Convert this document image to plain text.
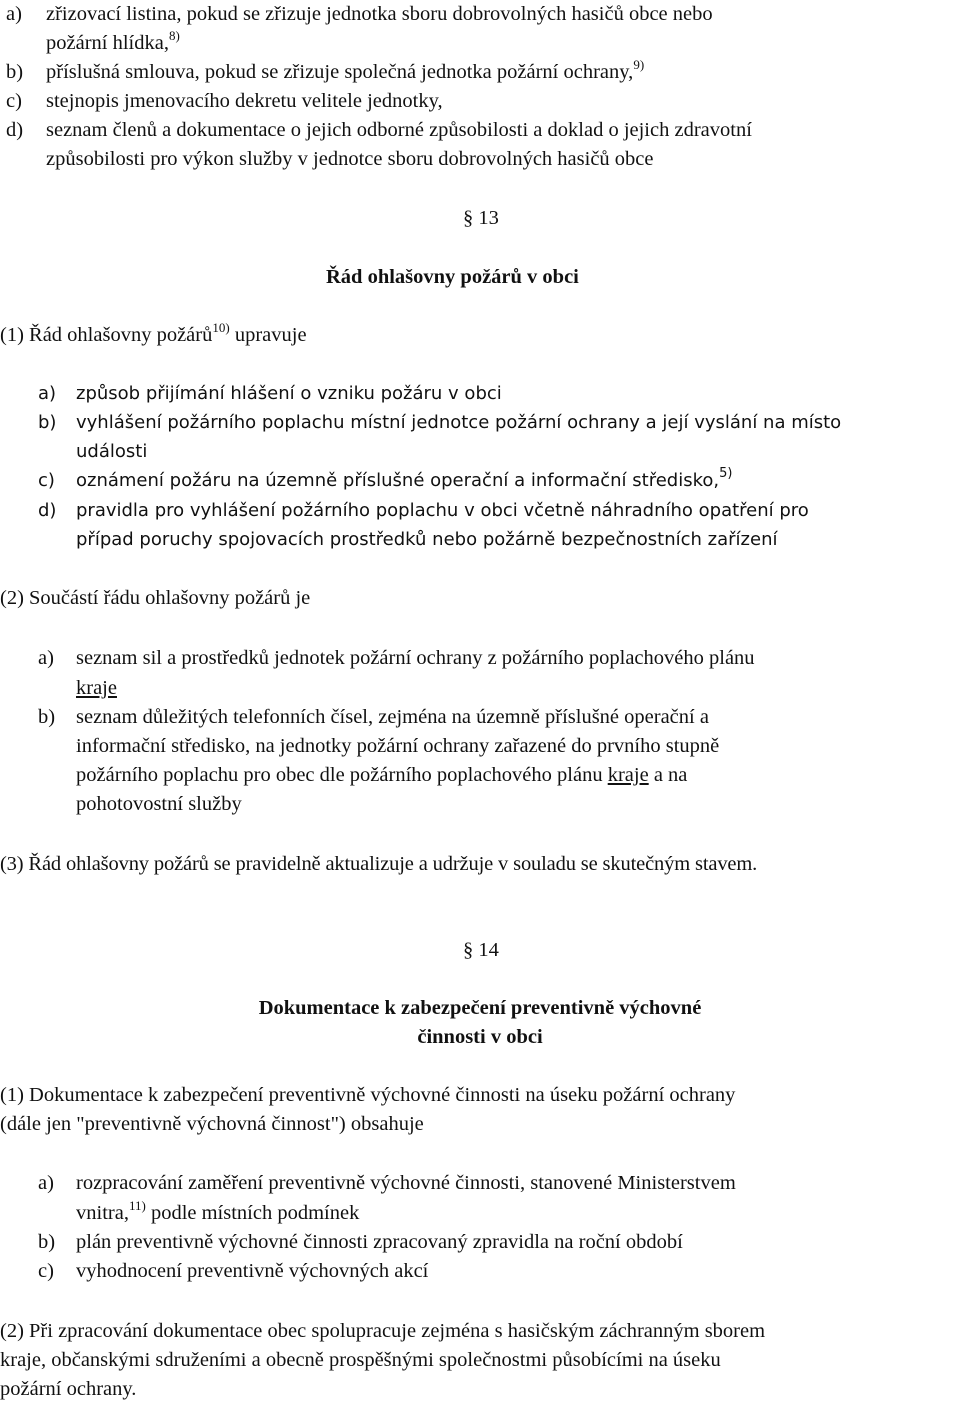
a) zřizovací listina, pokud se zřizuje jednotka sboru dobrovolných hasičů obce nebo
požární hlídka,$^{8)}$
b) příslušná smlouva, pokud se zřizuje společná jednotka požární ochrany,$^{9)}$
c) stejnopis jmenovacího dekretu velitele jednotky,
d) seznam členů a dokumentace o jejich odborné způsobilosti a doklad o jejich zdravotní
způsobilosti pro výkon služby v jednotce sboru dobrovolných hasičů obce
§ 13
Řád ohlašovny požárů v obci
(1) Řád ohlašovny požárů$^{10)}$ upravuje
a) způsob přijímání hlášení o vzniku požáru v obci
b) vyhlášení požárního poplachu místní jednotce požární ochrany a její vyslání na místo
události
c) oznámení požáru na územně příslušné operační a informační středisko,$^{5)}$
d) pravidla pro vyhlášení požárního poplachu v obci včetně náhradního opatření pro
případ poruchy spojovacích prostředků nebo požárně bezpečnostních zařízení
(2) Součástí řádu ohlašovny požárů je
a) seznam sil a prostředků jednotek požární ochrany z požárního poplachového plánu
kraje
b) seznam důležitých telefonních čísel, zejména na územně příslušné operační a
informační středisko, na jednotky požární ochrany zařazené do prvního stupně
požárního poplachu pro obec dle požárního poplachového plánu kraje a na
pohotovostní služby
(3) Řád ohlašovny požárů se pravidelně aktualizuje a udržuje v souladu se skutečným stavem.
§ 14
Dokumentace k zabezpečení preventivně výchovné
činnosti v obci
(1) Dokumentace k zabezpečení preventivně výchovné činnosti na úseku požární ochrany
(dále jen "preventivně výchovná činnost") obsahuje
a) rozpracování zaměření preventivně výchovné činnosti, stanovené Ministerstvem
vnitra,$^{11)}$ podle místních podmínek
b) plán preventivně výchovné činnosti zpracovaný zpravidla na roční období
c) vyhodnocení preventivně výchovných akcí
(2) Při zpracování dokumentace obec spolupracuje zejména s hasičským záchranným sborem
kraje, občanskými sdruženími a obecně prospěšnými společnostmi působícími na úseku
požární ochrany.
